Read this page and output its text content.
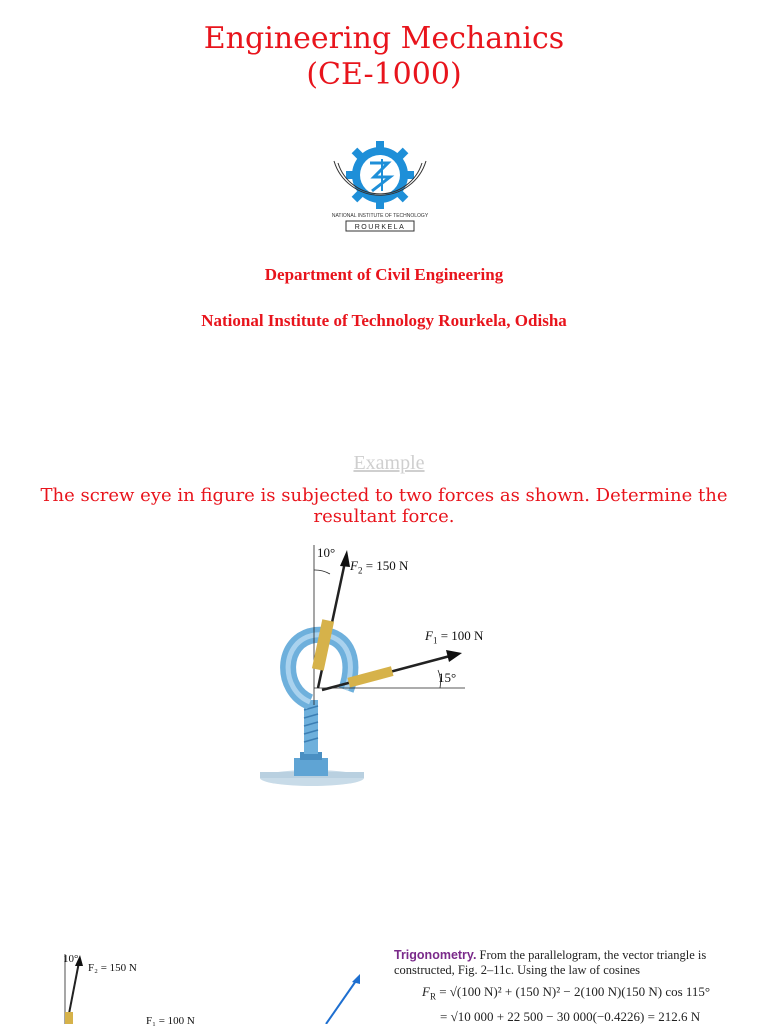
Engineering Mechanics
(CE-1000)
NATIONAL INSTITUTE OF TECHNOLOGY
ROURKELA
Department of Civil Engineering
National Institute of Technology Rourkela, Odisha
Example
The screw eye in figure is subjected to two forces as shown. Determine the resultant force.
10°
$F_2 = 150$ N
$F_1 = 100$ N
15°
10°
F₂ = 150 N
F₁ = 100 N
Trigonometry. From the parallelogram, the vector triangle is
constructed, Fig. 2–11c. Using the law of cosines
$F_R = √(100$ N)² + (150 N)² − 2(100 N)(150 N) cos 115°
= √10 000 + 22 500 − 30 000(−0.4226) = 212.6 N
